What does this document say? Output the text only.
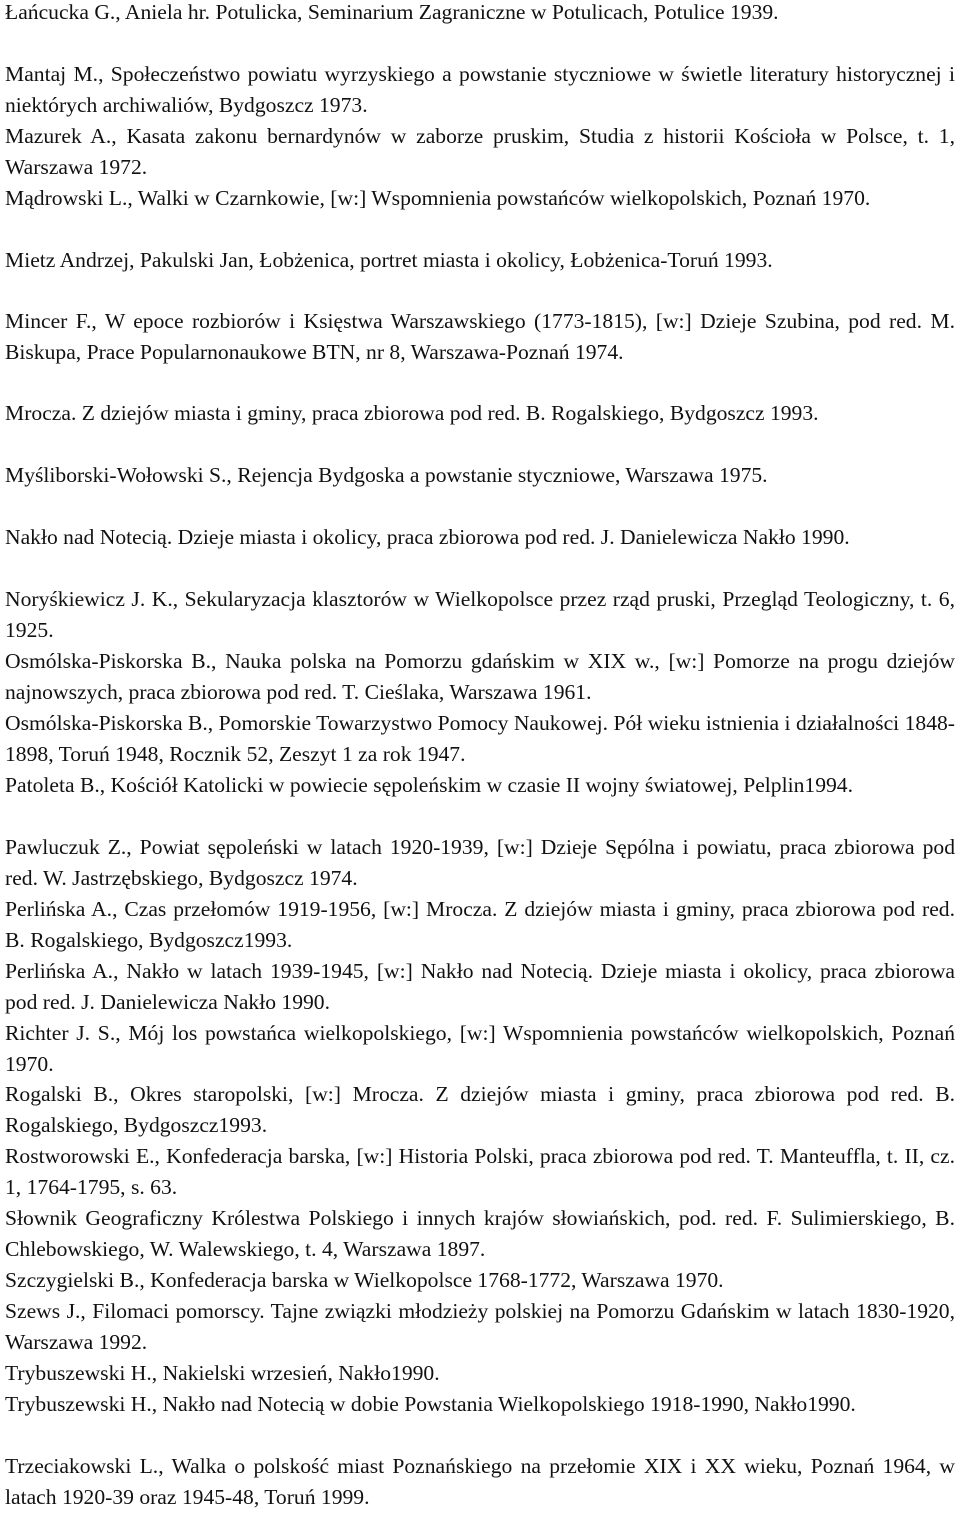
Łańcucka G., Aniela hr. Potulicka, Seminarium Zagraniczne w Potulicach, Potulice 1939.
Mantaj M., Społeczeństwo powiatu wyrzyskiego a powstanie styczniowe w świetle literatury historycznej i niektórych archiwaliów, Bydgoszcz 1973.
Mazurek A., Kasata zakonu bernardynów w zaborze pruskim, Studia z historii Kościoła w Polsce, t. 1, Warszawa 1972.
Mądrowski L., Walki w Czarnkowie, [w:] Wspomnienia powstańców wielkopolskich, Poznań 1970.
Mietz Andrzej, Pakulski Jan, Łobżenica, portret miasta i okolicy, Łobżenica-Toruń 1993.
Mincer F., W epoce rozbiorów i Księstwa Warszawskiego (1773-1815), [w:] Dzieje Szubina, pod red. M. Biskupa, Prace Popularnonaukowe BTN, nr 8, Warszawa-Poznań 1974.
Mrocza. Z dziejów miasta i gminy, praca zbiorowa pod red. B. Rogalskiego, Bydgoszcz 1993.
Myśliborski-Wołowski S., Rejencja Bydgoska a powstanie styczniowe, Warszawa 1975.
Nakło nad Notecią. Dzieje miasta i okolicy, praca zbiorowa pod red. J. Danielewicza Nakło 1990.
Noryśkiewicz J. K., Sekularyzacja klasztorów w Wielkopolsce przez rząd pruski, Przegląd Teologiczny, t. 6, 1925.
Osmólska-Piskorska B., Nauka polska na Pomorzu gdańskim w XIX w., [w:] Pomorze na progu dziejów najnowszych, praca zbiorowa pod red. T. Cieślaka, Warszawa 1961.
Osmólska-Piskorska B., Pomorskie Towarzystwo Pomocy Naukowej. Pół wieku istnienia i działalności 1848-1898, Toruń 1948, Rocznik 52, Zeszyt 1 za rok 1947.
Patoleta B., Kościół Katolicki w powiecie sępoleńskim w czasie II wojny światowej, Pelplin1994.
Pawluczuk Z., Powiat sępoleński w latach 1920-1939, [w:] Dzieje Sępólna i powiatu, praca zbiorowa pod red. W. Jastrzębskiego, Bydgoszcz 1974.
Perlińska A., Czas przełomów 1919-1956, [w:] Mrocza. Z dziejów miasta i gminy, praca zbiorowa pod red. B. Rogalskiego, Bydgoszcz1993.
Perlińska A., Nakło w latach 1939-1945, [w:] Nakło nad Notecią. Dzieje miasta i okolicy, praca zbiorowa pod red. J. Danielewicza Nakło 1990.
Richter J. S., Mój los powstańca wielkopolskiego, [w:] Wspomnienia powstańców wielkopolskich, Poznań 1970.
Rogalski B., Okres staropolski, [w:] Mrocza. Z dziejów miasta i gminy, praca zbiorowa pod red. B. Rogalskiego, Bydgoszcz1993.
Rostworowski E., Konfederacja barska, [w:] Historia Polski, praca zbiorowa pod red. T. Manteuffla, t. II, cz. 1, 1764-1795, s. 63.
Słownik Geograficzny Królestwa Polskiego i innych krajów słowiańskich, pod. red. F. Sulimierskiego, B. Chlebowskiego, W. Walewskiego, t. 4, Warszawa 1897.
Szczygielski B., Konfederacja barska w Wielkopolsce 1768-1772, Warszawa 1970.
Szews J., Filomaci pomorscy. Tajne związki młodzieży polskiej na Pomorzu Gdańskim w latach 1830-1920, Warszawa 1992.
Trybuszewski H., Nakielski wrzesień, Nakło1990.
Trybuszewski H., Nakło nad Notecią w dobie Powstania Wielkopolskiego 1918-1990, Nakło1990.
Trzeciakowski L., Walka o polskość miast Poznańskiego na przełomie XIX i XX wieku, Poznań 1964, w latach 1920-39 oraz 1945-48, Toruń 1999.
